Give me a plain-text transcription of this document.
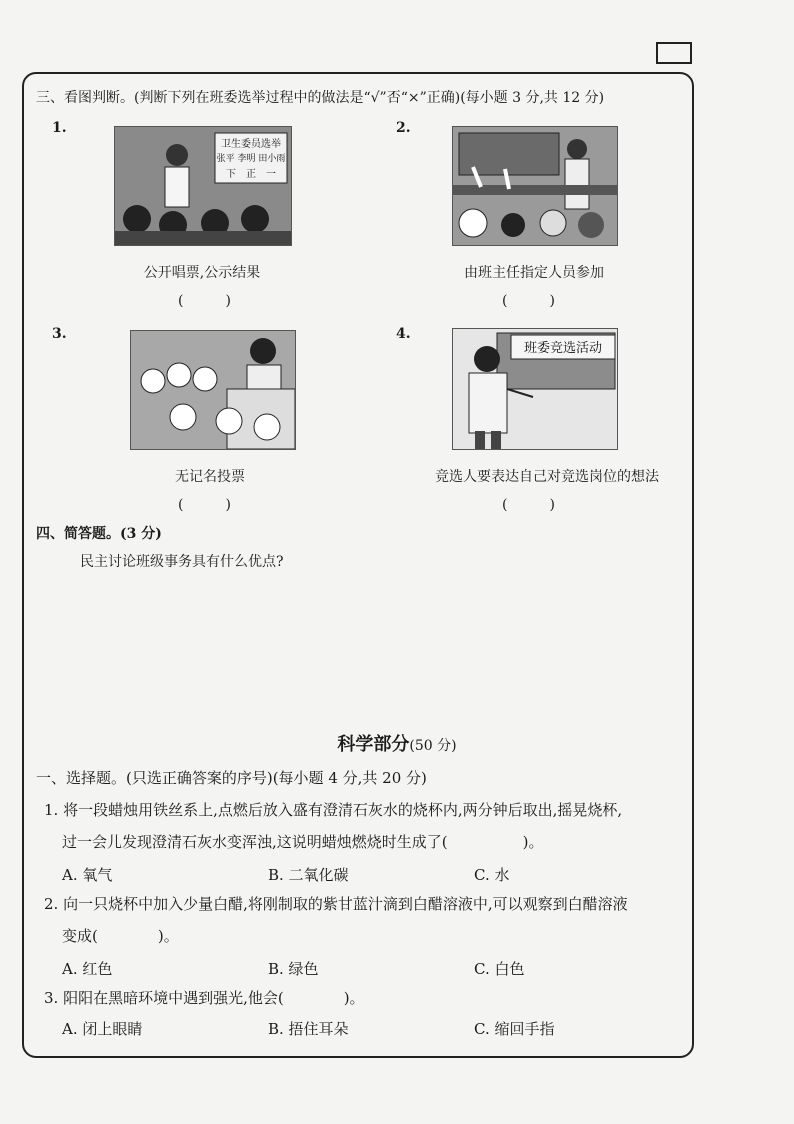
三、看图判断。(判断下列在班委选举过程中的做法是“√”否“×”正确)(每小题 3 分,共 12 分)
1.
卫生委员选举
张平 李明 田小雨
下　正　一
公开唱票,公示结果
(　　　)
2.
由班主任指定人员参加
(　　　)
3.
无记名投票
(　　　)
4.
班委竞选活动
竞选人要表达自己对竞选岗位的想法
(　　　)
四、简答题。(3 分)
民主讨论班级事务具有什么优点?
科学部分(50 分)
一、选择题。(只选正确答案的序号)(每小题 4 分,共 20 分)
1. 将一段蜡烛用铁丝系上,点燃后放入盛有澄清石灰水的烧杯内,两分钟后取出,摇晃烧杯,
过一会儿发现澄清石灰水变浑浊,这说明蜡烛燃烧时生成了(　　　　　)。
A. 氧气	B. 二氧化碳	C. 水
2. 向一只烧杯中加入少量白醋,将刚制取的紫甘蓝汁滴到白醋溶液中,可以观察到白醋溶液
变成(　　　　)。
A. 红色	B. 绿色	C. 白色
3. 阳阳在黑暗环境中遇到强光,他会(　　　　)。
A. 闭上眼睛	B. 捂住耳朵	C. 缩回手指
